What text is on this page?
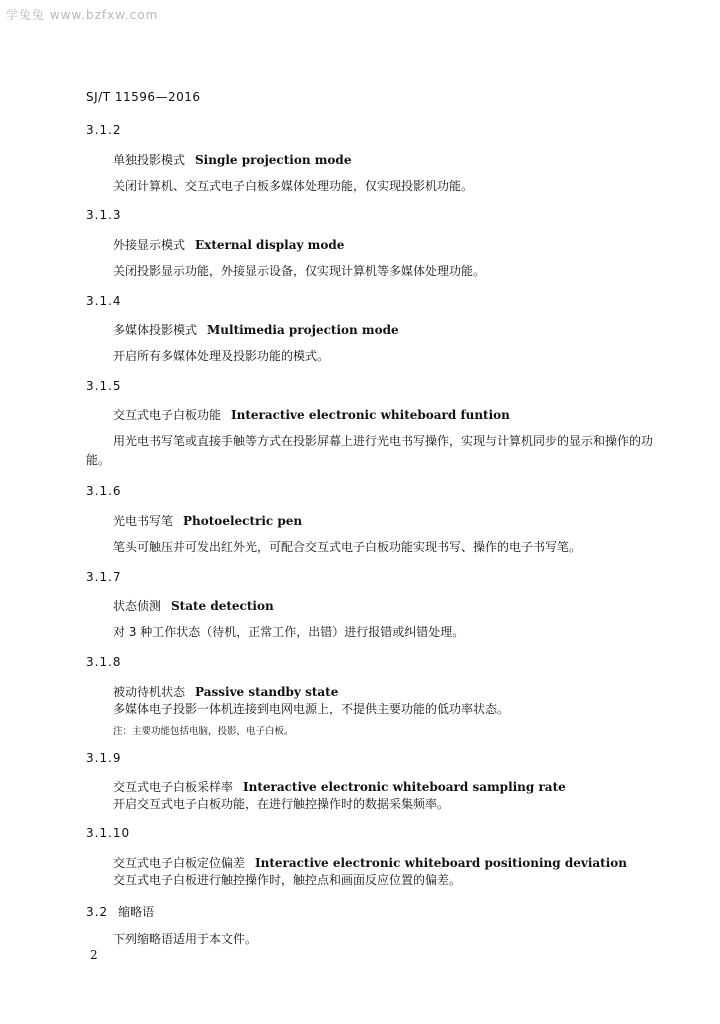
学兔兔 www.bzfxw.com
SJ/T 11596—2016
3.1.2
单独投影模式 Single projection mode
关闭计算机、交互式电子白板多媒体处理功能，仅实现投影机功能。
3.1.3
外接显示模式 External display mode
关闭投影显示功能，外接显示设备，仅实现计算机等多媒体处理功能。
3.1.4
多媒体投影模式 Multimedia projection mode
开启所有多媒体处理及投影功能的模式。
3.1.5
交互式电子白板功能 Interactive electronic whiteboard funtion
用光电书写笔或直接手触等方式在投影屏幕上进行光电书写操作，实现与计算机同步的显示和操作的功能。
3.1.6
光电书写笔 Photoelectric pen
笔头可触压并可发出红外光，可配合交互式电子白板功能实现书写、操作的电子书写笔。
3.1.7
状态侦测 State detection
对 3 种工作状态（待机，正常工作，出错）进行报错或纠错处理。
3.1.8
被动待机状态 Passive standby state
多媒体电子投影一体机连接到电网电源上，不提供主要功能的低功率状态。
注：主要功能包括电脑，投影，电子白板。
3.1.9
交互式电子白板采样率 Interactive electronic whiteboard sampling rate
开启交互式电子白板功能，在进行触控操作时的数据采集频率。
3.1.10
交互式电子白板定位偏差 Interactive electronic whiteboard positioning deviation
交互式电子白板进行触控操作时，触控点和画面反应位置的偏差。
3.2 缩略语
下列缩略语适用于本文件。
2
